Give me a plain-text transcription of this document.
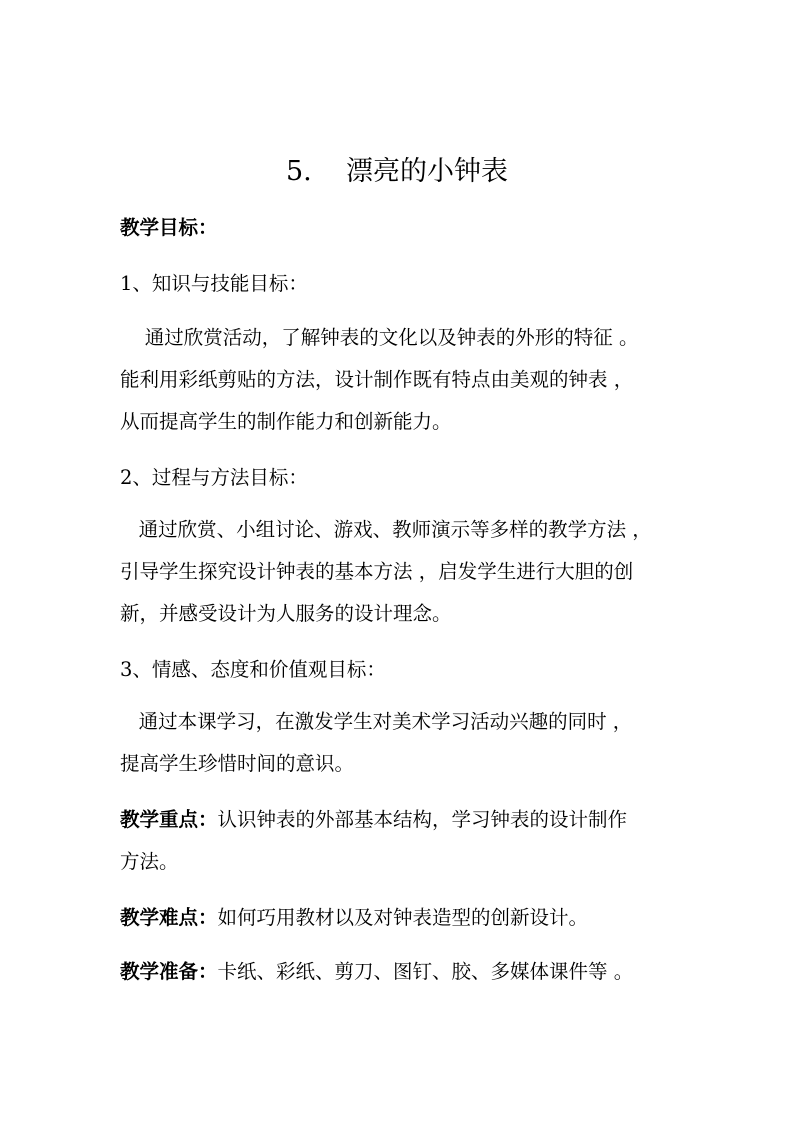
5.    漂亮的小钟表
教学目标：
1、知识与技能目标：
通过欣赏活动，了解钟表的文化以及钟表的外形的特征 。
能利用彩纸剪贴的方法，设计制作既有特点由美观的钟表 ，
从而提高学生的制作能力和创新能力。
2、过程与方法目标：
通过欣赏、小组讨论、游戏、教师演示等多样的教学方法 ，
引导学生探究设计钟表的基本方法 ，启发学生进行大胆的创
新，并感受设计为人服务的设计理念。
3、情感、态度和价值观目标：
通过本课学习，在激发学生对美术学习活动兴趣的同时 ，
提高学生珍惜时间的意识。
教学重点：认识钟表的外部基本结构，学习钟表的设计制作
方法。
教学难点：如何巧用教材以及对钟表造型的创新设计。
教学准备：卡纸、彩纸、剪刀、图钉、胶、多媒体课件等 。
